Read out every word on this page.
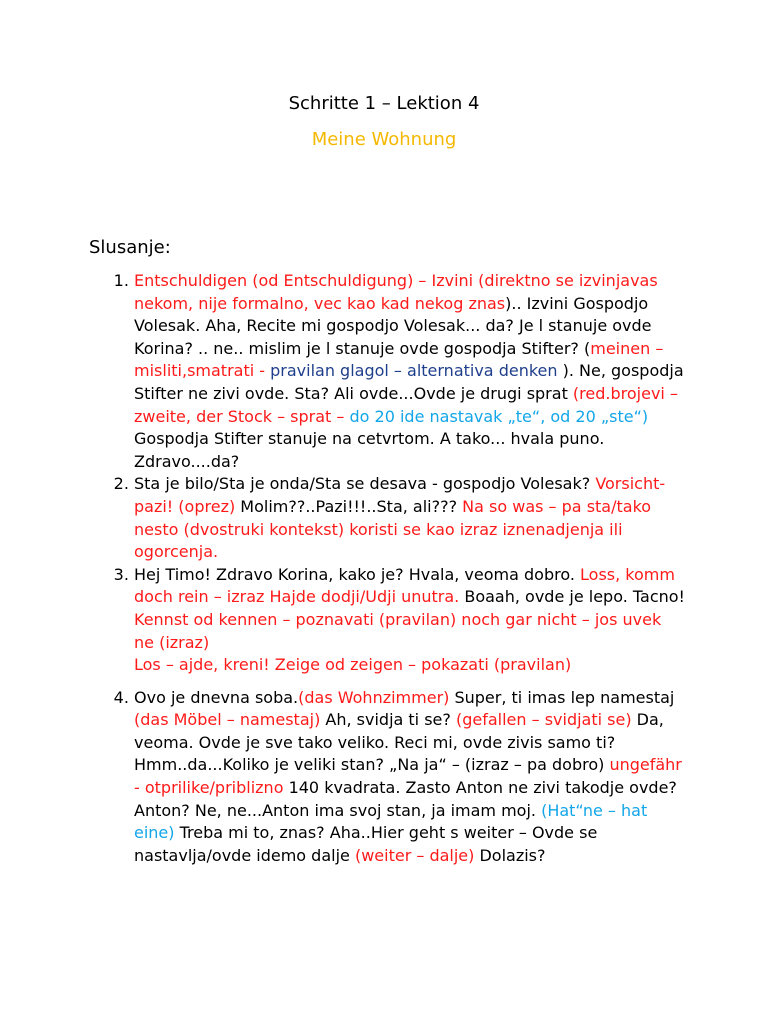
Schritte 1 – Lektion 4
Meine Wohnung
Slusanje:
1. Entschuldigen (od Entschuldigung) – Izvini (direktno se izvinjavas nekom, nije formalno, vec kao kad nekog znas).. Izvini Gospodjo Volesak. Aha, Recite mi gospodjo Volesak... da? Je l stanuje ovde Korina? .. ne.. mislim je l stanuje ovde gospodja Stifter? (meinen – misliti,smatrati - pravilan glagol – alternativa denken ). Ne, gospodja Stifter ne zivi ovde. Sta? Ali ovde...Ovde je drugi sprat (red.brojevi – zweite, der Stock – sprat – do 20 ide nastavak „te“, od 20 „ste“) Gospodja Stifter stanuje na cetvrtom. A tako... hvala puno. Zdravo....da?
2. Sta je bilo/Sta je onda/Sta se desava - gospodjo Volesak? Vorsicht- pazi! (oprez) Molim??..Pazi!!!..Sta, ali??? Na so was – pa sta/tako nesto (dvostruki kontekst) koristi se kao izraz iznenadjenja ili ogorcenja.
3. Hej Timo! Zdravo Korina, kako je? Hvala, veoma dobro. Loss, komm doch rein – izraz Hajde dodji/Udji unutra. Boaah, ovde je lepo. Tacno! Kennst od kennen – poznavati (pravilan) noch gar nicht – jos uvek ne (izraz)
Los – ajde, kreni! Zeige od zeigen – pokazati (pravilan)
4. Ovo je dnevna soba.(das Wohnzimmer) Super, ti imas lep namestaj (das Möbel – namestaj) Ah, svidja ti se? (gefallen – svidjati se) Da, veoma. Ovde je sve tako veliko. Reci mi, ovde zivis samo ti? Hmm..da...Koliko je veliki stan? „Na ja“ – (izraz – pa dobro) ungefähr - otprilike/priblizno 140 kvadrata. Zasto Anton ne zivi takodje ovde? Anton? Ne, ne...Anton ima svoj stan, ja imam moj. (Hat“ne – hat eine) Treba mi to, znas? Aha..Hier geht s weiter – Ovde se nastavlja/ovde idemo dalje (weiter – dalje) Dolazis?
